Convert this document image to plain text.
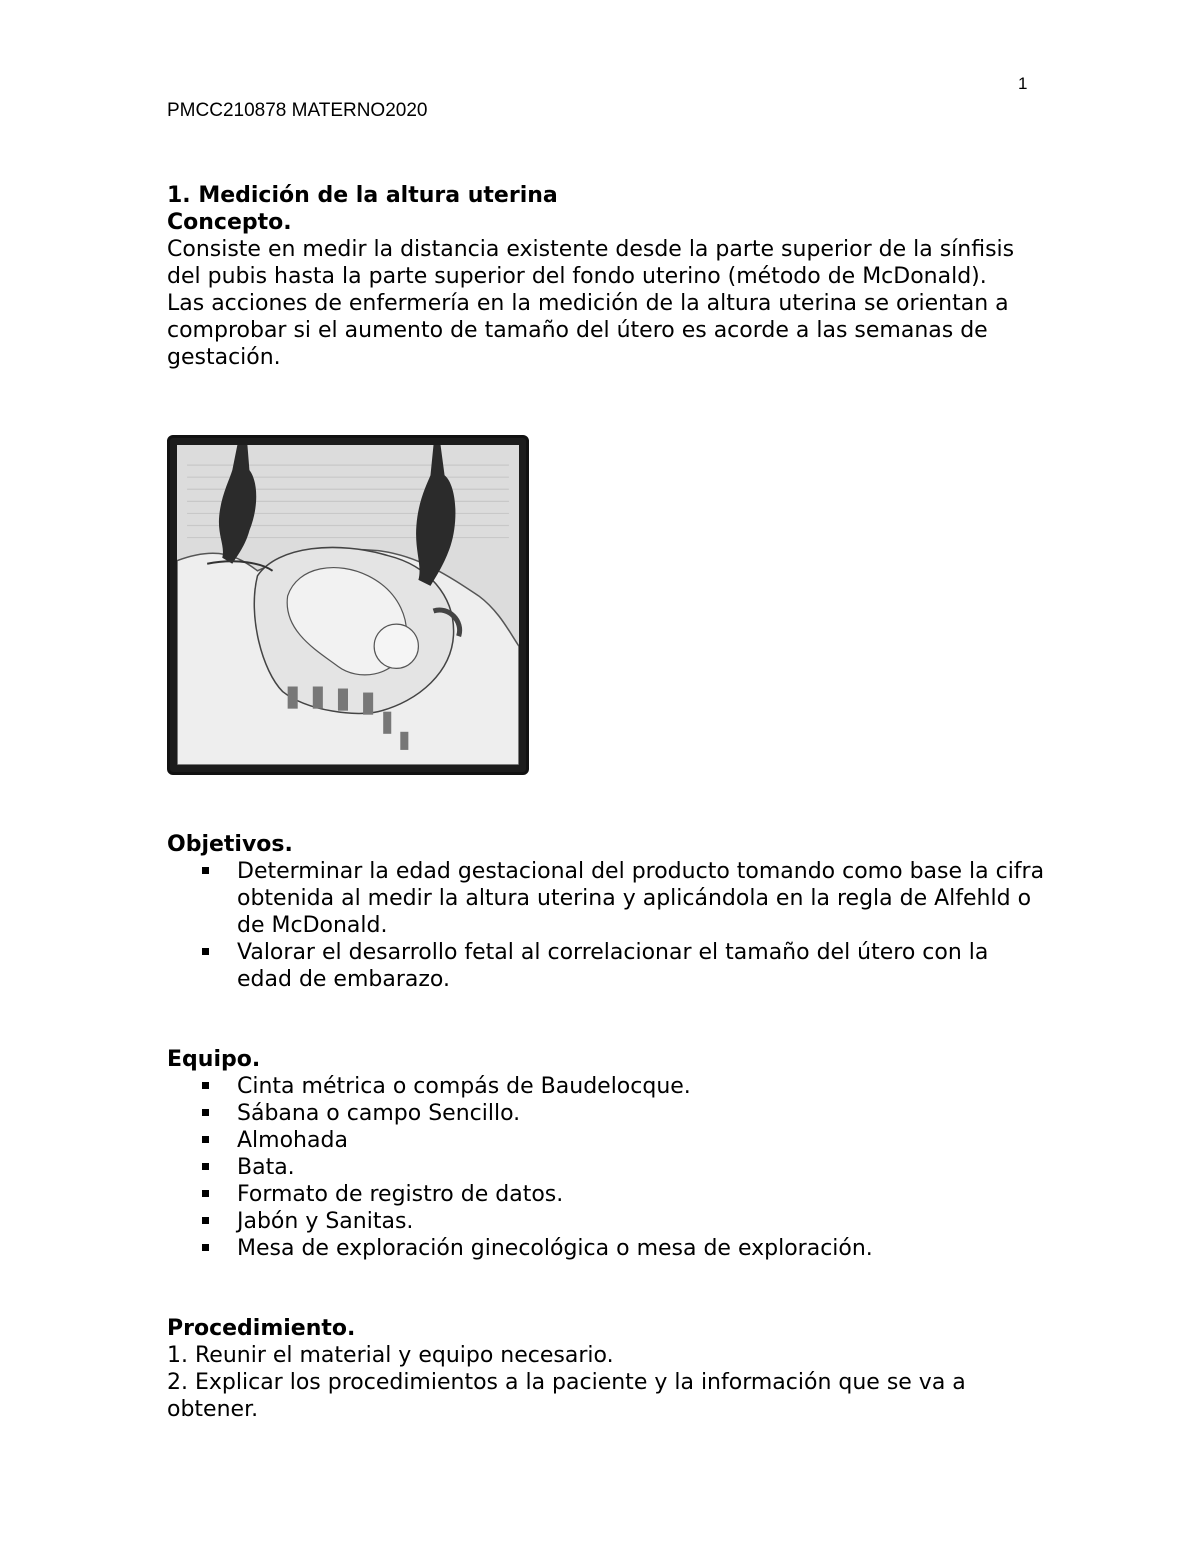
1
PMCC210878 MATERNO2020

1. Medición de la altura uterina

Concepto.

Consiste en medir la distancia existente desde la parte superior de la sínfisis del pubis hasta la parte superior del fondo uterino (método de McDonald).

Las acciones de enfermería en la medición de la altura uterina se orientan a comprobar si el aumento de tamaño del útero es acorde a las semanas de gestación.

Objetivos.

Determinar la edad gestacional del producto tomando como base la cifra obtenida al medir la altura uterina y aplicándola en la regla de Alfehld o de McDonald.
Valorar el desarrollo fetal al correlacionar el tamaño del útero con la edad de embarazo.

Equipo.

Cinta métrica o compás de Baudelocque.
Sábana o campo Sencillo.
Almohada
Bata.
Formato de registro de datos.
Jabón y Sanitas.
Mesa de exploración ginecológica o mesa de exploración.

Procedimiento.

1. Reunir el material y equipo necesario.

2. Explicar los procedimientos a la paciente y la información que se va a obtener.
